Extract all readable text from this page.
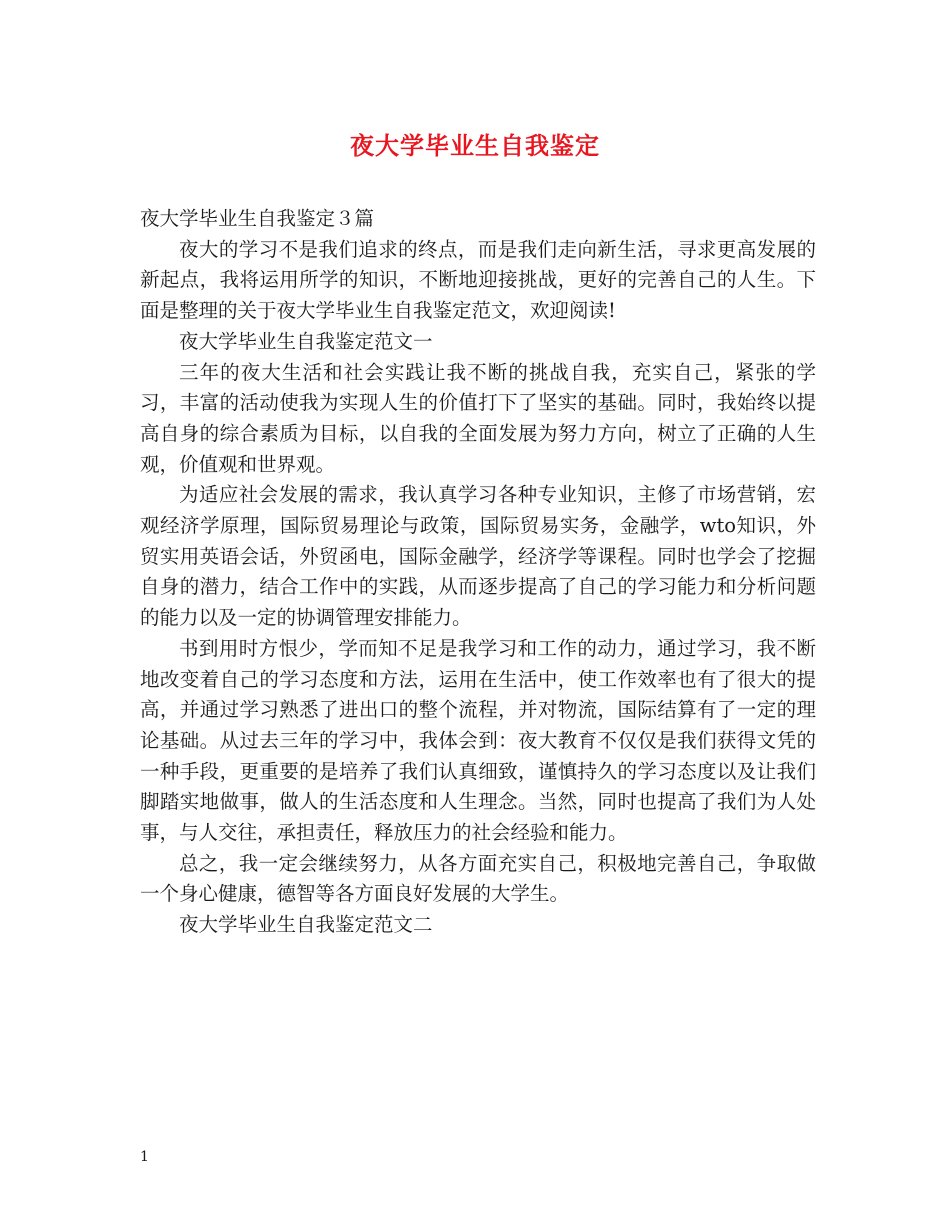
夜大学毕业生自我鉴定

夜大学毕业生自我鉴定３篇

夜大的学习不是我们追求的终点，而是我们走向新生活，寻求更高发展的新起点，我将运用所学的知识，不断地迎接挑战，更好的完善自己的人生。下面是整理的关于夜大学毕业生自我鉴定范文，欢迎阅读!

夜大学毕业生自我鉴定范文一

三年的夜大生活和社会实践让我不断的挑战自我，充实自己，紧张的学习，丰富的活动使我为实现人生的价值打下了坚实的基础。同时，我始终以提高自身的综合素质为目标，以自我的全面发展为努力方向，树立了正确的人生观，价值观和世界观。

为适应社会发展的需求，我认真学习各种专业知识，主修了市场营销，宏观经济学原理，国际贸易理论与政策，国际贸易实务，金融学，wto知识，外贸实用英语会话，外贸函电，国际金融学，经济学等课程。同时也学会了挖掘自身的潜力，结合工作中的实践，从而逐步提高了自己的学习能力和分析问题的能力以及一定的协调管理安排能力。

书到用时方恨少，学而知不足是我学习和工作的动力，通过学习，我不断地改变着自己的学习态度和方法，运用在生活中，使工作效率也有了很大的提高，并通过学习熟悉了进出口的整个流程，并对物流，国际结算有了一定的理论基础。从过去三年的学习中，我体会到：夜大教育不仅仅是我们获得文凭的一种手段，更重要的是培养了我们认真细致，谨慎持久的学习态度以及让我们脚踏实地做事，做人的生活态度和人生理念。当然，同时也提高了我们为人处事，与人交往，承担责任，释放压力的社会经验和能力。

总之，我一定会继续努力，从各方面充实自己，积极地完善自己，争取做一个身心健康，德智等各方面良好发展的大学生。

夜大学毕业生自我鉴定范文二

1
